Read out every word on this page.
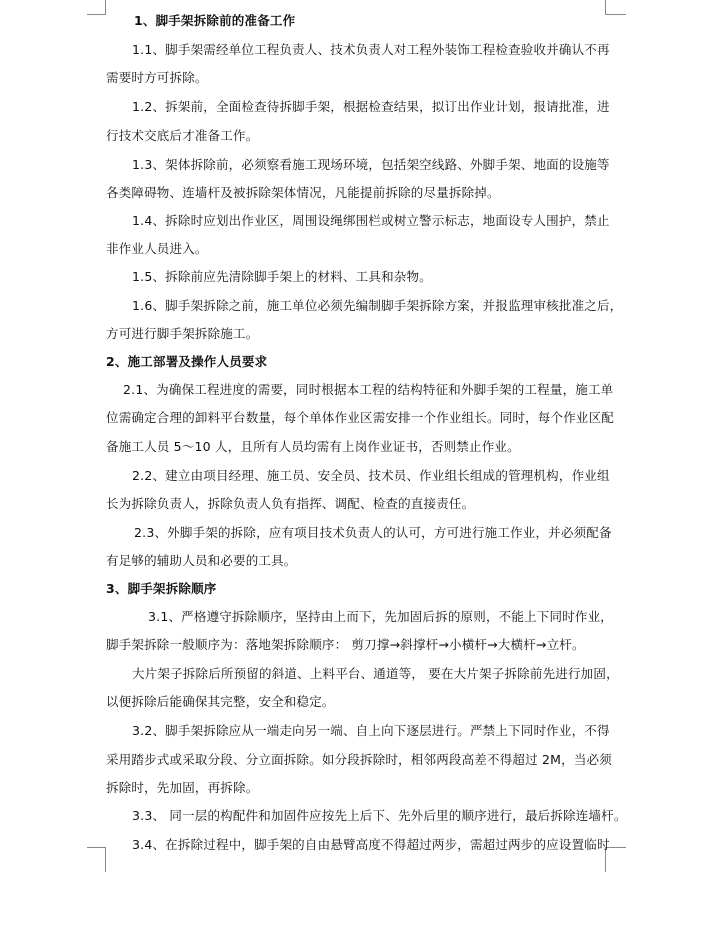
1、脚手架拆除前的准备工作
1.1、脚手架需经单位工程负责人、技术负责人对工程外装饰工程检查验收并确认不再
需要时方可拆除。
1.2、拆架前，全面检查待拆脚手架，根据检查结果，拟订出作业计划，报请批准，进
行技术交底后才准备工作。
1.3、架体拆除前，必须察看施工现场环境，包括架空线路、外脚手架、地面的设施等
各类障碍物、连墙杆及被拆除架体情况，凡能提前拆除的尽量拆除掉。
1.4、拆除时应划出作业区，周围设绳绑围栏或树立警示标志，地面设专人围护，禁止
非作业人员进入。
1.5、拆除前应先清除脚手架上的材料、工具和杂物。
1.6、脚手架拆除之前，施工单位必须先编制脚手架拆除方案，并报监理审核批准之后，
方可进行脚手架拆除施工。
2、施工部署及操作人员要求
2.1、为确保工程进度的需要，同时根据本工程的结构特征和外脚手架的工程量，施工单
位需确定合理的卸料平台数量，每个单体作业区需安排一个作业组长。同时，每个作业区配
备施工人员 5～10 人，且所有人员均需有上岗作业证书，否则禁止作业。
2.2、建立由项目经理、施工员、安全员、技术员、作业组长组成的管理机构，作业组
长为拆除负责人，拆除负责人负有指挥、调配、检查的直接责任。
2.3、外脚手架的拆除，应有项目技术负责人的认可，方可进行施工作业，并必须配备
有足够的辅助人员和必要的工具。
3、脚手架拆除顺序
3.1、严格遵守拆除顺序，坚持由上而下，先加固后拆的原则，不能上下同时作业，
脚手架拆除一般顺序为：落地架拆除顺序： 剪刀撑→斜撑杆→小横杆→大横杆→立杆。
大片架子拆除后所预留的斜道、上料平台、通道等， 要在大片架子拆除前先进行加固，
以便拆除后能确保其完整，安全和稳定。
3.2、脚手架拆除应从一端走向另一端、自上向下逐层进行。严禁上下同时作业，不得
采用踏步式或采取分段、分立面拆除。如分段拆除时，相邻两段高差不得超过 2M，当必须
拆除时，先加固，再拆除。
3.3、 同一层的构配件和加固件应按先上后下、先外后里的顺序进行，最后拆除连墙杆。
3.4、在拆除过程中，脚手架的自由悬臂高度不得超过两步，需超过两步的应设置临时
